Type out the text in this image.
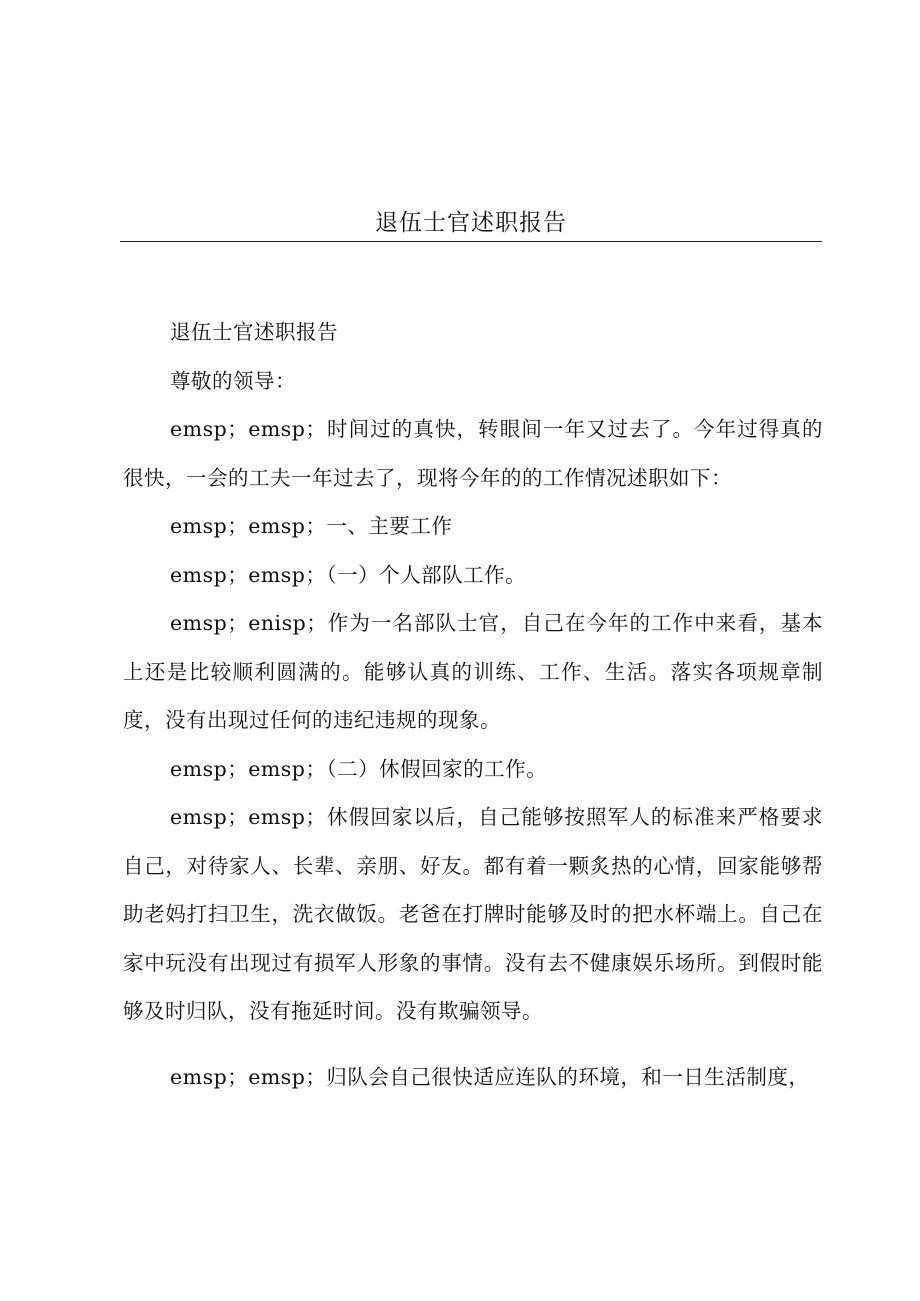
退伍士官述职报告

退伍士官述职报告

尊敬的领导：

emsp；emsp；时间过的真快，转眼间一年又过去了。今年过得真的很快，一会的工夫一年过去了，现将今年的的工作情况述职如下：

emsp；emsp；一、主要工作

emsp；emsp；（一）个人部队工作。

emsp；enisp；作为一名部队士官，自己在今年的工作中来看，基本上还是比较顺利圆满的。能够认真的训练、工作、生活。落实各项规章制度，没有出现过任何的违纪违规的现象。

emsp；emsp；（二）休假回家的工作。

emsp；emsp；休假回家以后，自己能够按照军人的标准来严格要求自己，对待家人、长辈、亲朋、好友。都有着一颗炙热的心情，回家能够帮助老妈打扫卫生，洗衣做饭。老爸在打牌时能够及时的把水杯端上。自己在家中玩没有出现过有损军人形象的事情。没有去不健康娱乐场所。到假时能够及时归队，没有拖延时间。没有欺骗领导。

emsp；emsp；归队会自己很快适应连队的环境，和一日生活制度，
